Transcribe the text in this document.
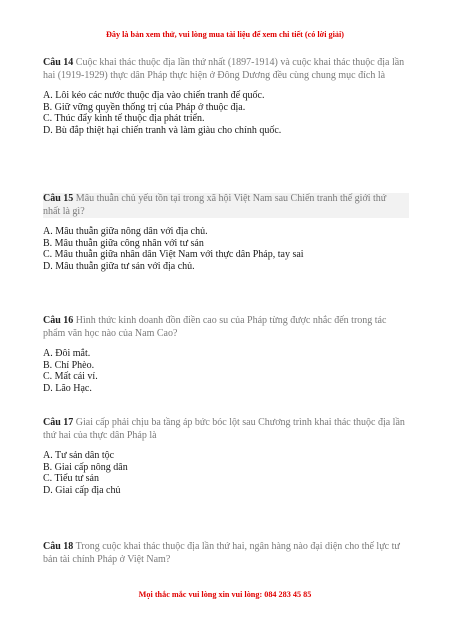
Đây là bản xem thử, vui lòng mua tài liệu để xem chi tiết (có lời giải)
Câu 14 Cuộc khai thác thuộc địa lần thứ nhất (1897-1914) và cuộc khai thác thuộc địa lần hai (1919-1929) thực dân Pháp thực hiện ở Đông Dương đều cùng chung mục đích là
A. Lôi kéo các nước thuộc địa vào chiến tranh đế quốc.
B. Giữ vững quyền thống trị của Pháp ở thuộc địa.
C. Thúc đẩy kinh tế thuộc địa phát triển.
D. Bù đắp thiệt hại chiến tranh và làm giàu cho chính quốc.
Câu 15 Mâu thuẫn chủ yếu tồn tại trong xã hội Việt Nam sau Chiến tranh thế giới thứ nhất là gì?
A. Mâu thuẫn giữa nông dân với địa chủ.
B. Mâu thuẫn giữa công nhân với tư sản
C. Mâu thuẫn giữa nhân dân Việt Nam với thực dân Pháp, tay sai
D. Mâu thuẫn giữa tư sản với địa chủ.
Câu 16 Hình thức kinh doanh đồn điền cao su của Pháp từng được nhắc đến trong tác phẩm văn học nào của Nam Cao?
A. Đôi mắt.
B. Chí Phèo.
C. Mất cái ví.
D. Lão Hạc.
Câu 17 Giai cấp phải chịu ba tầng áp bức bóc lột sau Chương trình khai thác thuộc địa lần thứ hai của thực dân Pháp là
A. Tư sản dân tộc
B. Giai cấp nông dân
C. Tiểu tư sản
D. Giai cấp địa chủ
Câu 18 Trong cuộc khai thác thuộc địa lần thứ hai, ngân hàng nào đại diện cho thế lực tư bản tài chính Pháp ở Việt Nam?
Mọi thắc mắc vui lòng xin vui lòng: 084 283 45 85
